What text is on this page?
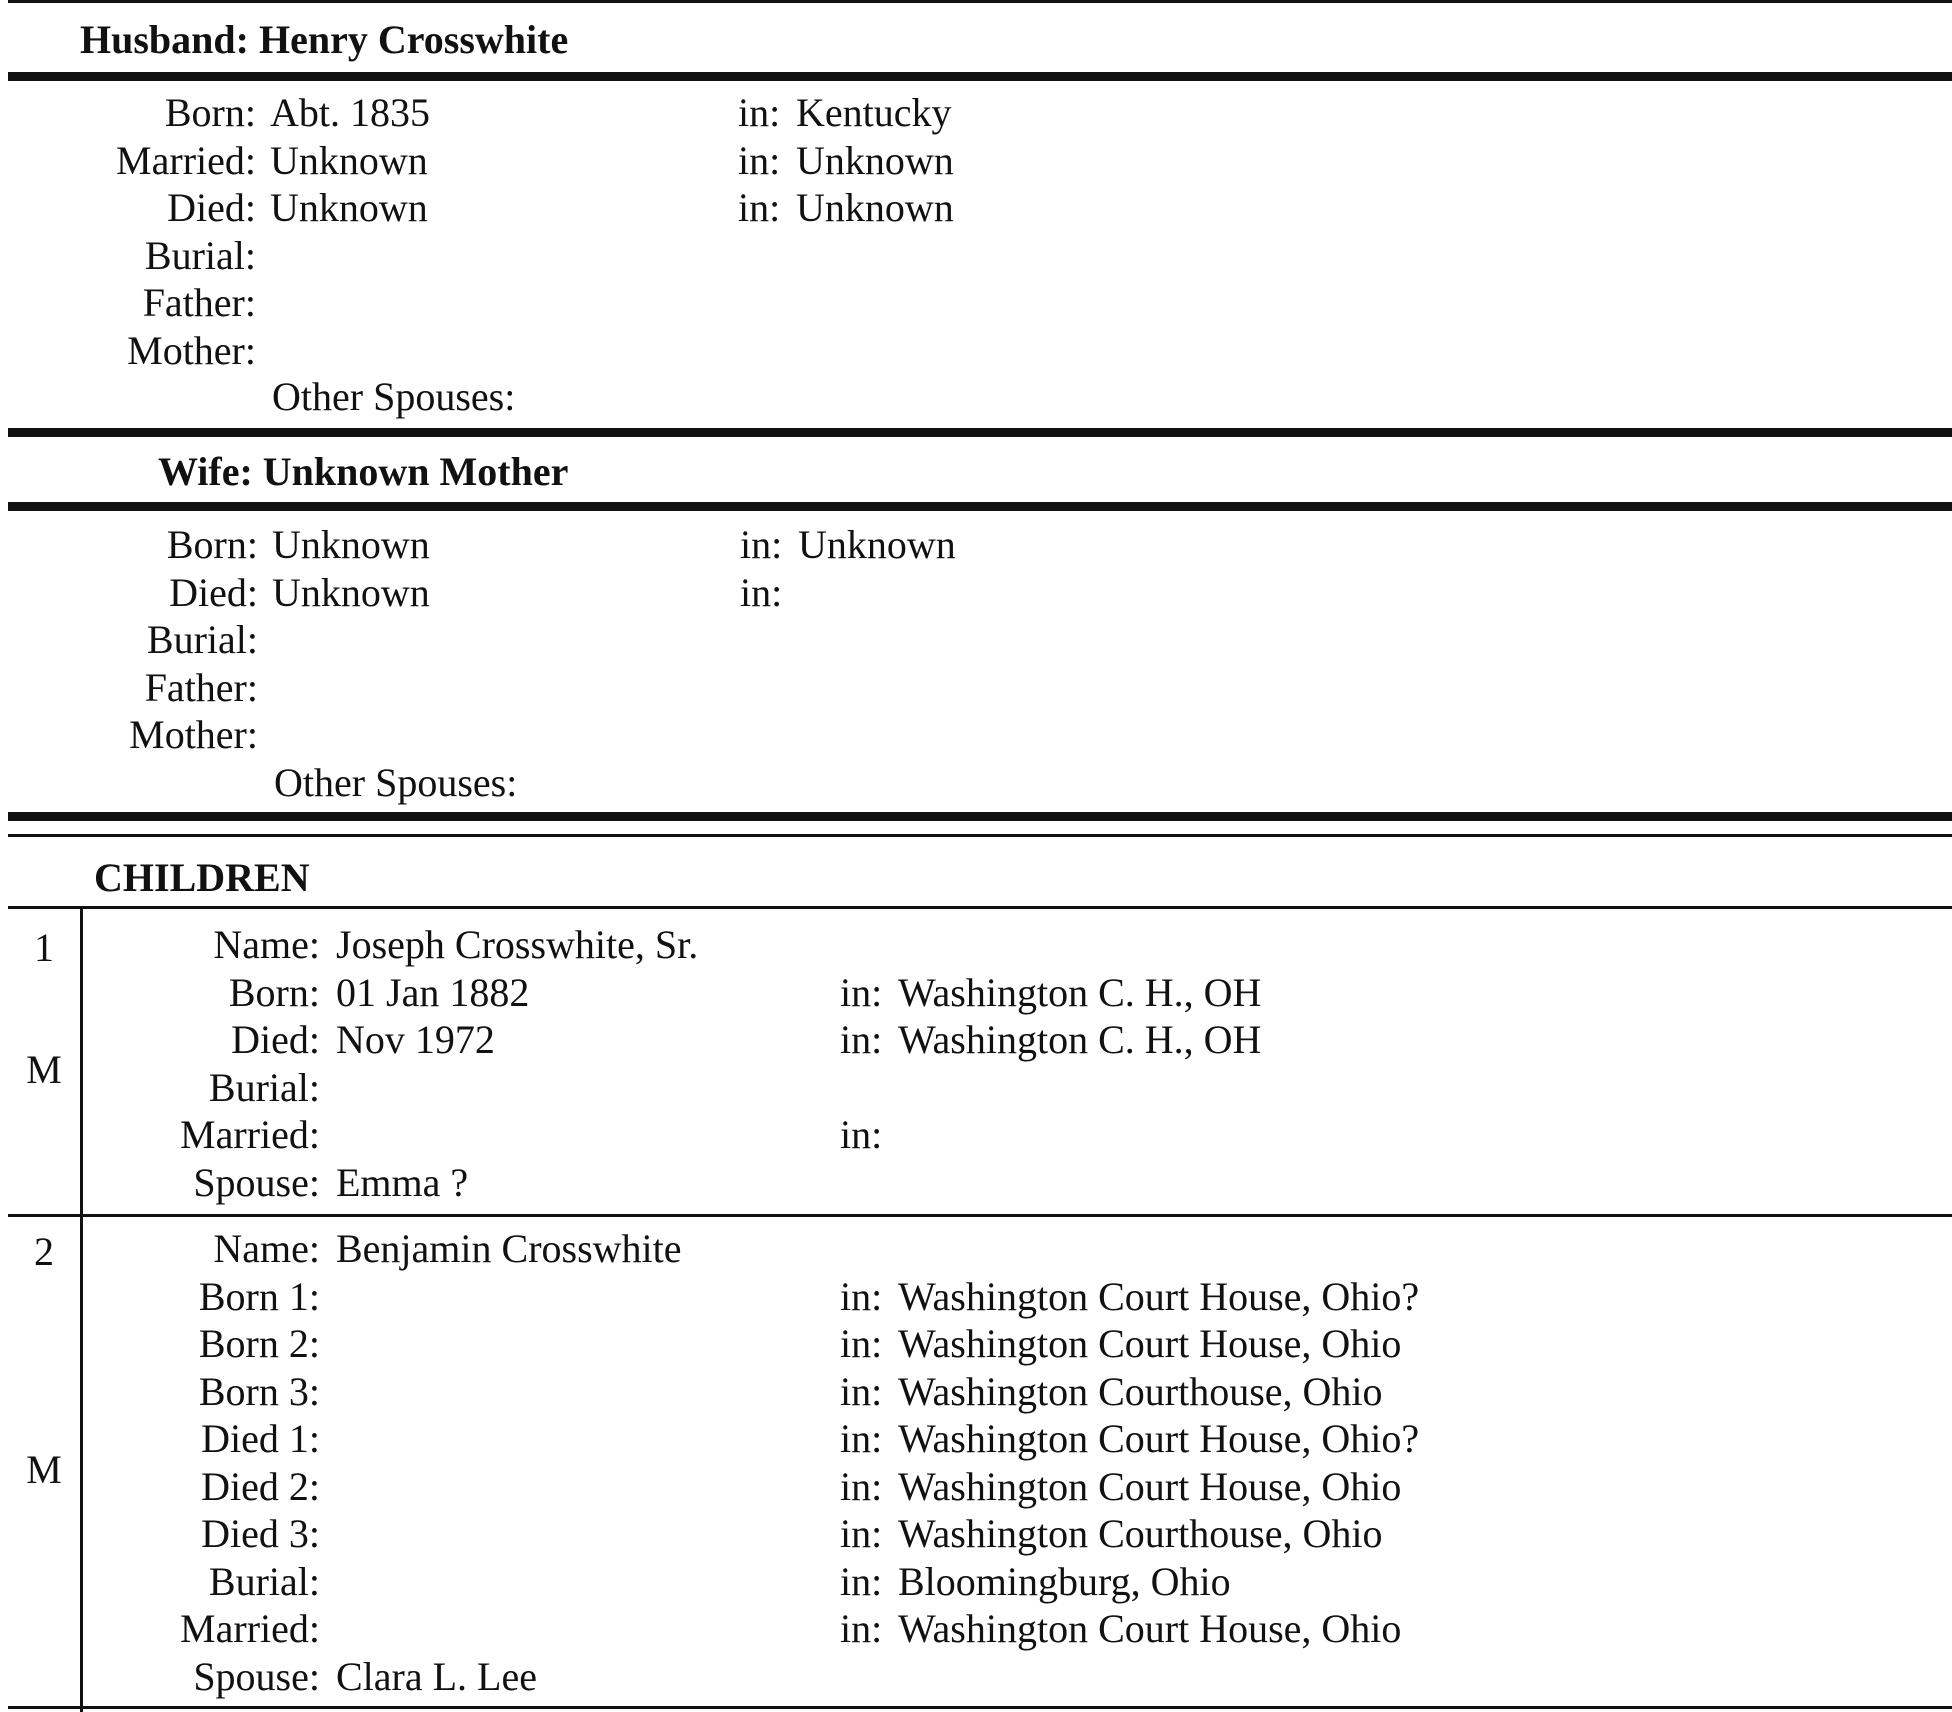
Husband: Henry Crosswhite
Born: Abt. 1835	in: Kentucky
Married: Unknown	in: Unknown
Died: Unknown	in: Unknown
Burial:
Father:
Mother:
Other Spouses:
Wife: Unknown Mother
Born: Unknown	in: Unknown
Died: Unknown	in:
Burial:
Father:
Mother:
Other Spouses:
CHILDREN
1
M
Name: Joseph Crosswhite, Sr.
Born: 01 Jan 1882	in: Washington C. H., OH
Died: Nov 1972	in: Washington C. H., OH
Burial:
Married:	in:
Spouse: Emma ?
2
M
Name: Benjamin Crosswhite
Born 1:	in: Washington Court House, Ohio?
Born 2:	in: Washington Court House, Ohio
Born 3:	in: Washington Courthouse, Ohio
Died 1:	in: Washington Court House, Ohio?
Died 2:	in: Washington Court House, Ohio
Died 3:	in: Washington Courthouse, Ohio
Burial:	in: Bloomingburg, Ohio
Married:	in: Washington Court House, Ohio
Spouse: Clara L. Lee
